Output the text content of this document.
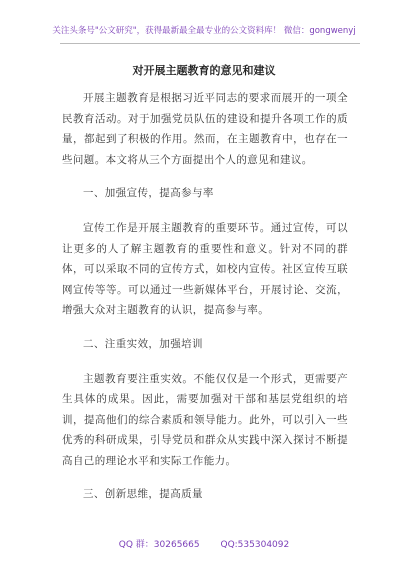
关注头条号"公文研究"，获得最新最全最专业的公文资料库！ 微信：gongwenyj
对开展主题教育的意见和建议

开展主题教育是根据习近平同志的要求而展开的一项全民教育活动。对于加强党员队伍的建设和提升各项工作的质量，都起到了积极的作用。然而，在主题教育中，也存在一些问题。本文将从三个方面提出个人的意见和建议。

一、加强宣传，提高参与率

宣传工作是开展主题教育的重要环节。通过宣传，可以让更多的人了解主题教育的重要性和意义。针对不同的群体，可以采取不同的宣传方式，如校内宣传。社区宣传互联网宣传等等。可以通过一些新媒体平台，开展讨论、交流，增强大众对主题教育的认识，提高参与率。

二、注重实效，加强培训

主题教育要注重实效。不能仅仅是一个形式，更需要产生具体的成果。因此，需要加强对干部和基层党组织的培训，提高他们的综合素质和领导能力。此外，可以引入一些优秀的科研成果，引导党员和群众从实践中深入探讨不断提高自己的理论水平和实际工作能力。

三、创新思维，提高质量

QQ 群：30265665 QQ:535304092
